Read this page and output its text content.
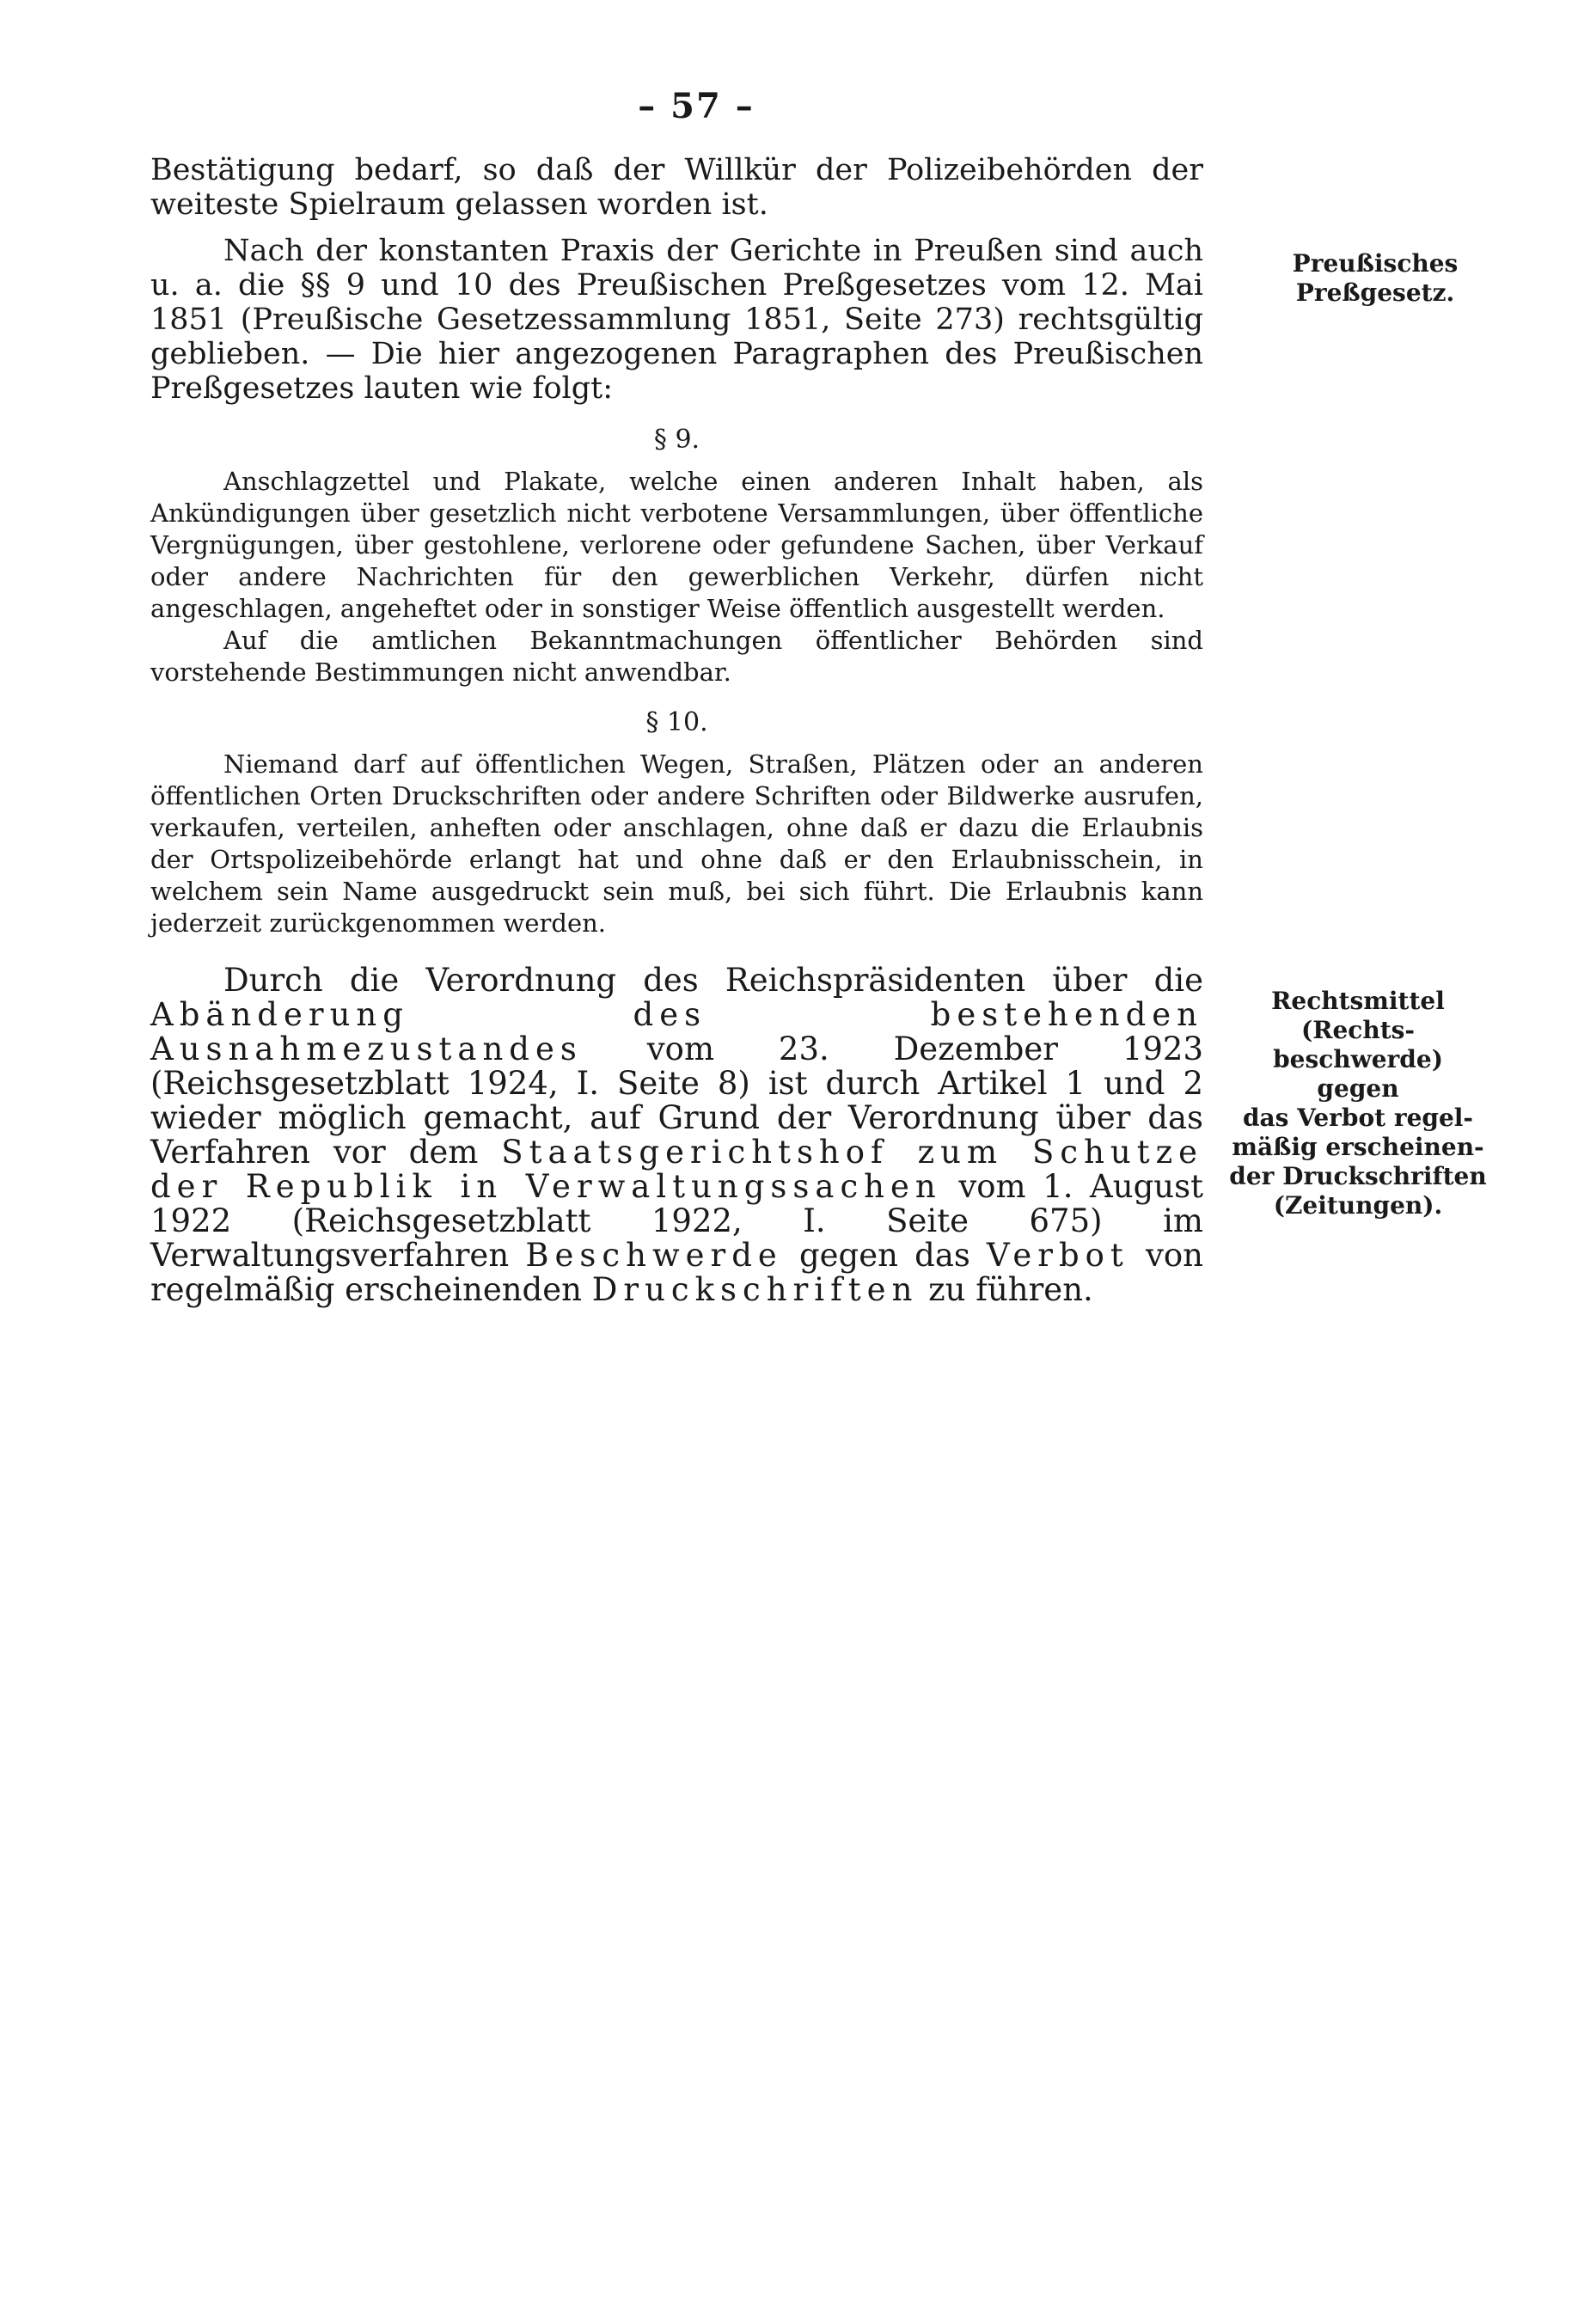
– 57 –

Bestätigung bedarf, so daß der Willkür der Polizeibehörden der weiteste Spielraum gelassen worden ist.

Nach der konstanten Praxis der Gerichte in Preußen sind auch u. a. die §§ 9 und 10 des Preußischen Preßgesetzes vom 12. Mai 1851 (Preußische Gesetzessammlung 1851, Seite 273) rechtsgültig geblieben. — Die hier angezogenen Paragraphen des Preußischen Preßgesetzes lauten wie folgt:

§ 9.

Anschlagzettel und Plakate, welche einen anderen Inhalt haben, als Ankündigungen über gesetzlich nicht verbotene Versammlungen, über öffentliche Vergnügungen, über gestohlene, verlorene oder gefundene Sachen, über Verkauf oder andere Nachrichten für den gewerblichen Verkehr, dürfen nicht angeschlagen, angeheftet oder in sonstiger Weise öffentlich ausgestellt werden.

Auf die amtlichen Bekanntmachungen öffentlicher Behörden sind vorstehende Bestimmungen nicht anwendbar.

§ 10.

Niemand darf auf öffentlichen Wegen, Straßen, Plätzen oder an anderen öffentlichen Orten Druckschriften oder andere Schriften oder Bildwerke ausrufen, verkaufen, verteilen, anheften oder anschlagen, ohne daß er dazu die Erlaubnis der Ortspolizeibehörde erlangt hat und ohne daß er den Erlaubnisschein, in welchem sein Name ausgedruckt sein muß, bei sich führt. Die Erlaubnis kann jederzeit zurückgenommen werden.

Durch die Verordnung des Reichspräsidenten über die Abänderung des bestehenden Ausnahmezustandes vom 23. Dezember 1923 (Reichsgesetzblatt 1924, I. Seite 8) ist durch Artikel 1 und 2 wieder möglich gemacht, auf Grund der Verordnung über das Verfahren vor dem Staatsgerichtshof zum Schutze der Republik in Verwaltungssachen vom 1. August 1922 (Reichsgesetzblatt 1922, I. Seite 675) im Verwaltungsverfahren Beschwerde gegen das Verbot von regelmäßig erscheinenden Druckschriften zu führen.

Preußisches
Preßgesetz.
Rechtsmittel
(Rechts-
beschwerde) gegen
das Verbot regel-
mäßig erscheinen-
der Druckschriften
(Zeitungen).
